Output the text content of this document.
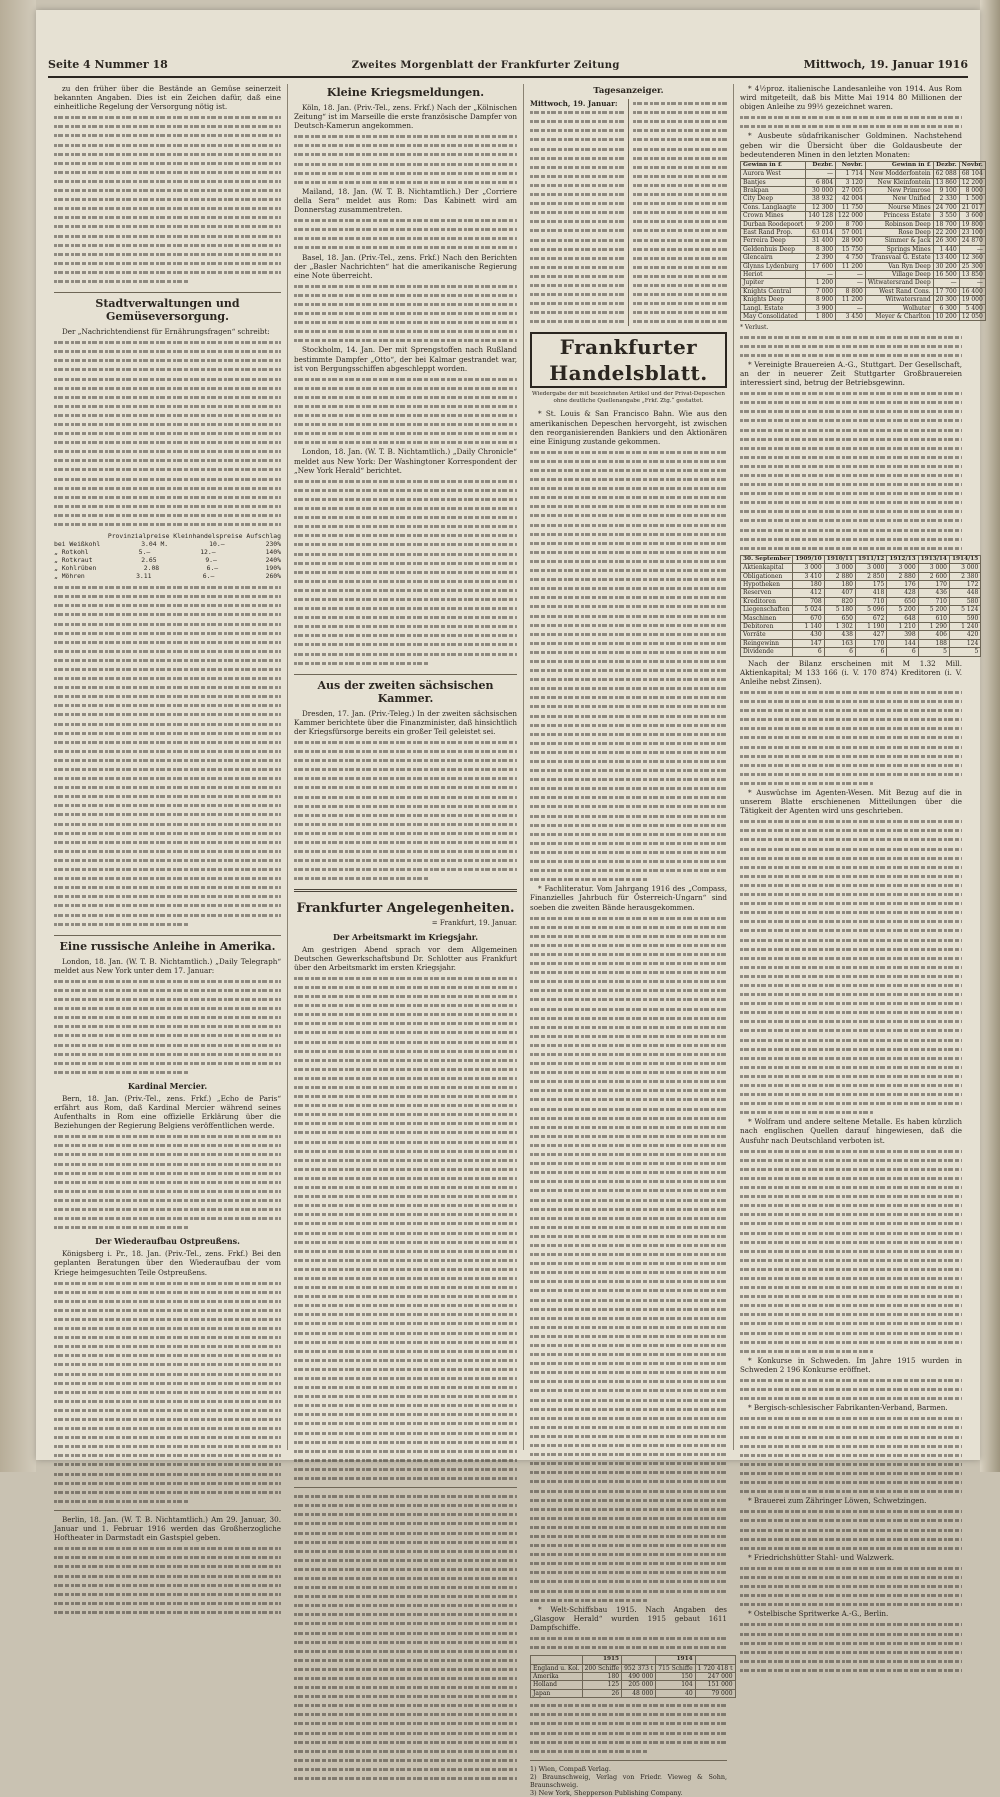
Seite 4 Nummer 18	Zweites Morgenblatt der Frankfurter Zeitung	Mittwoch, 19. Januar 1916

zu den früher über die Bestände an Gemüse seinerzeit bekannten Angaben. Dies ist ein Zeichen dafür, daß eine einheitliche Regelung der Versorgung nötig ist.

Stadtverwaltungen und Gemüseversorgung.

Der „Nachrichtendienst für Ernährungsfragen“ schreibt:

Provinzialpreise Kleinhandelspreise Aufschlag
bei Weißkohl	3.04 M.	10.—	230%
„ Rotkohl	5.—	12.—	140%
„ Rotkraut	2.65	9.—	240%
„ Kohlrüben	2.08	6.—	190%
„ Möhren	3.11	6.—	260%
Eine russische Anleihe in Amerika.

London, 18. Jan. (W. T. B. Nichtamtlich.) „Daily Telegraph“ meldet aus New York unter dem 17. Januar:

Kardinal Mercier.

Bern, 18. Jan. (Priv.-Tel., zens. Frkf.) „Echo de Paris“ erfährt aus Rom, daß Kardinal Mercier während seines Aufenthalts in Rom eine offizielle Erklärung über die Beziehungen der Regierung Belgiens veröffentlichen werde.

Der Wiederaufbau Ostpreußens.

Königsberg i. Pr., 18. Jan. (Priv.-Tel., zens. Frkf.) Bei den geplanten Beratungen über den Wiederaufbau der vom Kriege heimgesuchten Teile Ostpreußens.

Berlin, 18. Jan. (W. T. B. Nichtamtlich.) Am 29. Januar, 30. Januar und 1. Februar 1916 werden das Großherzogliche Hoftheater in Darmstadt ein Gastspiel geben.

Kleine Kriegsmeldungen.

Köln, 18. Jan. (Priv.-Tel., zens. Frkf.) Nach der „Kölnischen Zeitung“ ist im Marseille die erste französische Dampfer von Deutsch-Kamerun angekommen.

Mailand, 18. Jan. (W. T. B. Nichtamtlich.) Der „Corriere della Sera“ meldet aus Rom: Das Kabinett wird am Donnerstag zusammentreten.

Basel, 18. Jan. (Priv.-Tel., zens. Frkf.) Nach den Berichten der „Basler Nachrichten“ hat die amerikanische Regierung eine Note überreicht.

Stockholm, 14. Jan. Der mit Sprengstoffen nach Rußland bestimmte Dampfer „Otto“, der bei Kalmar gestrandet war, ist von Bergungsschiffen abgeschleppt worden.

London, 18. Jan. (W. T. B. Nichtamtlich.) „Daily Chronicle“ meldet aus New York: Der Washingtoner Korrespondent der „New York Herald“ berichtet.

Aus der zweiten sächsischen Kammer.

Dresden, 17. Jan. (Priv.-Teleg.) In der zweiten sächsischen Kammer berichtete über die Finanzminister, daß hinsichtlich der Kriegsfürsorge bereits ein großer Teil geleistet sei.

Frankfurter Angelegenheiten.
= Frankfurt, 19. Januar.
Der Arbeitsmarkt im Kriegsjahr.

Am gestrigen Abend sprach vor dem Allgemeinen Deutschen Gewerkschaftsbund Dr. Schlotter aus Frankfurt über den Arbeitsmarkt im ersten Kriegsjahr.

Tagesanzeiger.
Mittwoch, 19. Januar:
Frankfurter Handelsblatt.
Wiedergabe der mit bezeichneten Artikel und der Privat-Depeschen ohne deutliche Quellenangabe „Frkf. Ztg.“ gestattet.

* St. Louis & San Francisco Bahn. Wie aus den amerikanischen Depeschen hervorgeht, ist zwischen den reorganisierenden Bankiers und den Aktionären eine Einigung zustande gekommen.

* Fachliteratur. Vom Jahrgang 1916 des „Compass, Finanzielles Jahrbuch für Österreich-Ungarn“ sind soeben die zweiten Bände herausgekommen.

* Welt-Schiffsbau 1915. Nach Angaben des „Glasgow Herald“ wurden 1915 gebaut 1611 Dampfschiffe.

	1915		1914	
England u. Kol.	200 Schiffe	952 373 t	715 Schiffe	1 720 418 t
Amerika	180	490 000	150	247 000
Holland	125	205 000	104	151 000
Japan	26	48 000	40	79 000
1) Wien, Compaß Verlag.
2) Braunschweig, Verlag von Friedr. Vieweg & Sohn, Braunschweig.
3) New York, Shepperson Publishing Company.

* 4½proz. italienische Landesanleihe von 1914. Aus Rom wird mitgeteilt, daß bis Mitte Mai 1914 80 Millionen der obigen Anleihe zu 99½ gezeichnet waren.

* Ausbeute südafrikanischer Goldminen. Nachstehend geben wir die Übersicht über die Goldausbeute der bedeutenderen Minen in den letzten Monaten:

Gewinn in £	Dezbr.	Novbr.	Gewinn in £	Dezbr.	Novbr.
Aurora West	—	1 714	New Modderfontein	62 088	68 104
Bantjes	6 804	3 120	New Kleinfontein	13 860	12 200
Brakpan	30 000	27 005	New Primrose	9 100	8 000
City Deep	38 932	42 004	New Unified	2 330	1 500
Cons. Langlaagte	12 300	11 750	Nourse Mines	24 700	21 017
Crown Mines	140 128	122 000	Princess Estate	3 550	3 600
Durban Roodepoort	9 200	8 700	Robinson Deep	18 700	19 800
East Rand Prop.	63 014	57 001	Rose Deep	22 200	23 100
Ferreira Deep	31 400	28 900	Simmer & Jack	26 300	24 870
Geldenhuis Deep	8 300	15 750	Springs Mines	1 440	—
Glencairn	2 390	4 750	Transvaal G. Estate	13 400	12 360
Glynns Lydenburg	17 600	11 200	Van Ryn Deep	30 200	25 300
Heriot	—	—	Village Deep	16 500	13 850
Jupiter	1 200	—	Witwatersrand Deep	—	—
Knights Central	7 000	8 800	West Rand Cons.	17 700	16 400
Knights Deep	8 900	11 200	Witwatersrand	20 300	19 000
Langl. Estate	3 900	—	Wolhuter	6 300	5 400
May Consolidated	1 800	3 450	Meyer & Charlton	10 200	12 050
* Verlust.

* Vereinigte Brauereien A.-G., Stuttgart. Der Gesellschaft, an der in neuerer Zeit Stuttgarter Großbrauereien interessiert sind, betrug der Betriebsgewinn.

30. September	1909/10	1910/11	1911/12	1912/13	1913/14	1914/15
Aktienkapital	3 000	3 000	3 000	3 000	3 000	3 000
Obligationen	3 410	2 880	2 850	2 880	2 600	2 380
Hypotheken	180	180	175	176	170	172
Reserven	412	407	418	428	436	448
Kreditoren	708	820	710	650	710	580
Liegenschaften	5 024	5 180	5 096	5 200	5 200	5 124
Maschinen	670	650	672	648	610	590
Debitoren	1 140	1 302	1 190	1 210	1 290	1 240
Vorräte	430	438	427	398	406	420
Reingewinn	147	163	170	144	188	124
Dividende	6	6	6	6	5	5

Nach der Bilanz erscheinen mit M 1.32 Mill. Aktienkapital; M 133 166 (i. V. 170 874) Kreditoren (i. V. Anleihe nebst Zinsen).

* Auswüchse im Agenten-Wesen. Mit Bezug auf die in unserem Blatte erschienenen Mitteilungen über die Tätigkeit der Agenten wird uns geschrieben.

* Wolfram und andere seltene Metalle. Es haben kürzlich nach englischen Quellen darauf hingewiesen, daß die Ausfuhr nach Deutschland verboten ist.

* Konkurse in Schweden. Im Jahre 1915 wurden in Schweden 2 196 Konkurse eröffnet.

* Bergisch-schlesischer Fabrikanten-Verband, Barmen.

* Brauerei zum Zähringer Löwen, Schwetzingen.

* Friedrichshütter Stahl- und Walzwerk.

* Ostelbische Spritwerke A.-G., Berlin.
